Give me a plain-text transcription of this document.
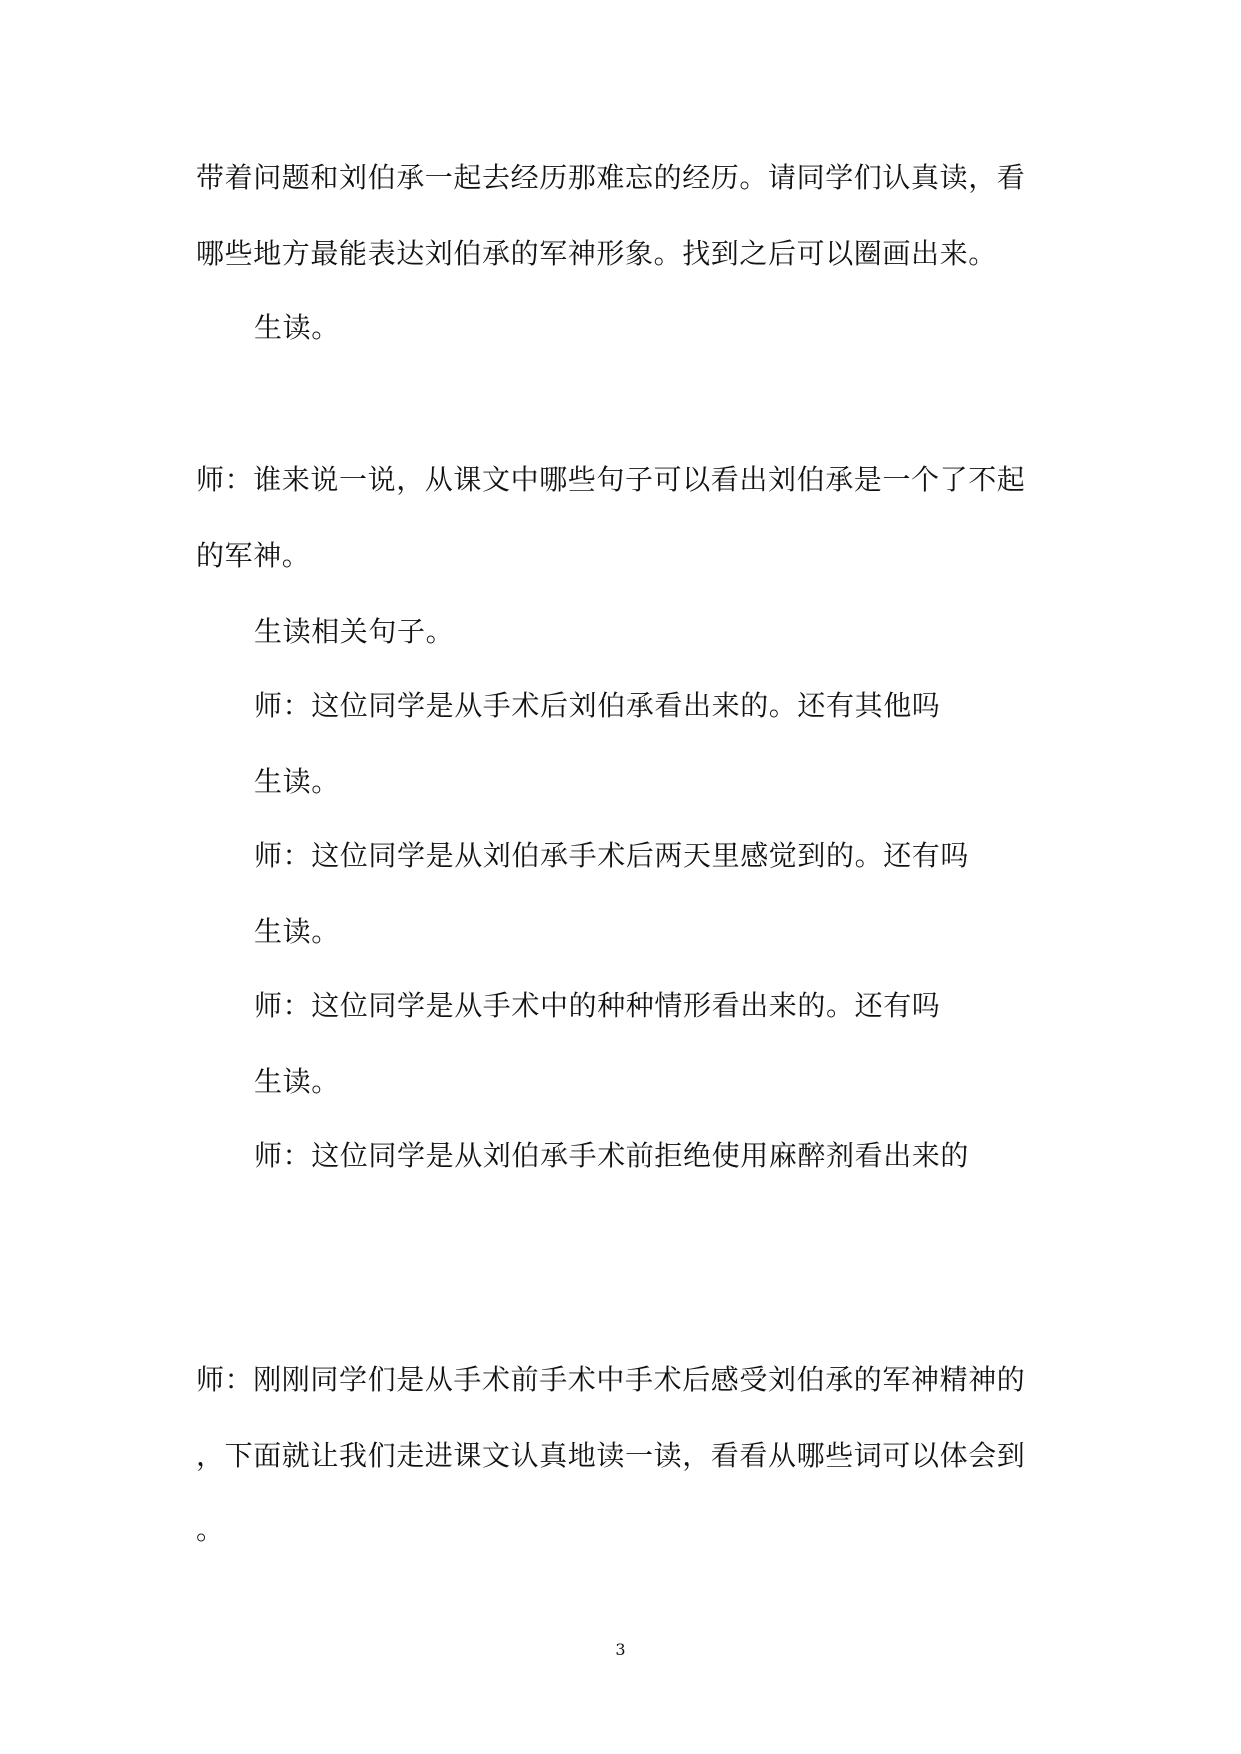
带着问题和刘伯承一起去经历那难忘的经历。请同学们认真读，看
哪些地方最能表达刘伯承的军神形象。找到之后可以圈画出来。
生读。
师：谁来说一说，从课文中哪些句子可以看出刘伯承是一个了不起
的军神。
生读相关句子。
师：这位同学是从手术后刘伯承看出来的。还有其他吗
生读。
师：这位同学是从刘伯承手术后两天里感觉到的。还有吗
生读。
师：这位同学是从手术中的种种情形看出来的。还有吗
生读。
师：这位同学是从刘伯承手术前拒绝使用麻醉剂看出来的
师：刚刚同学们是从手术前手术中手术后感受刘伯承的军神精神的
，下面就让我们走进课文认真地读一读，看看从哪些词可以体会到
。
3
